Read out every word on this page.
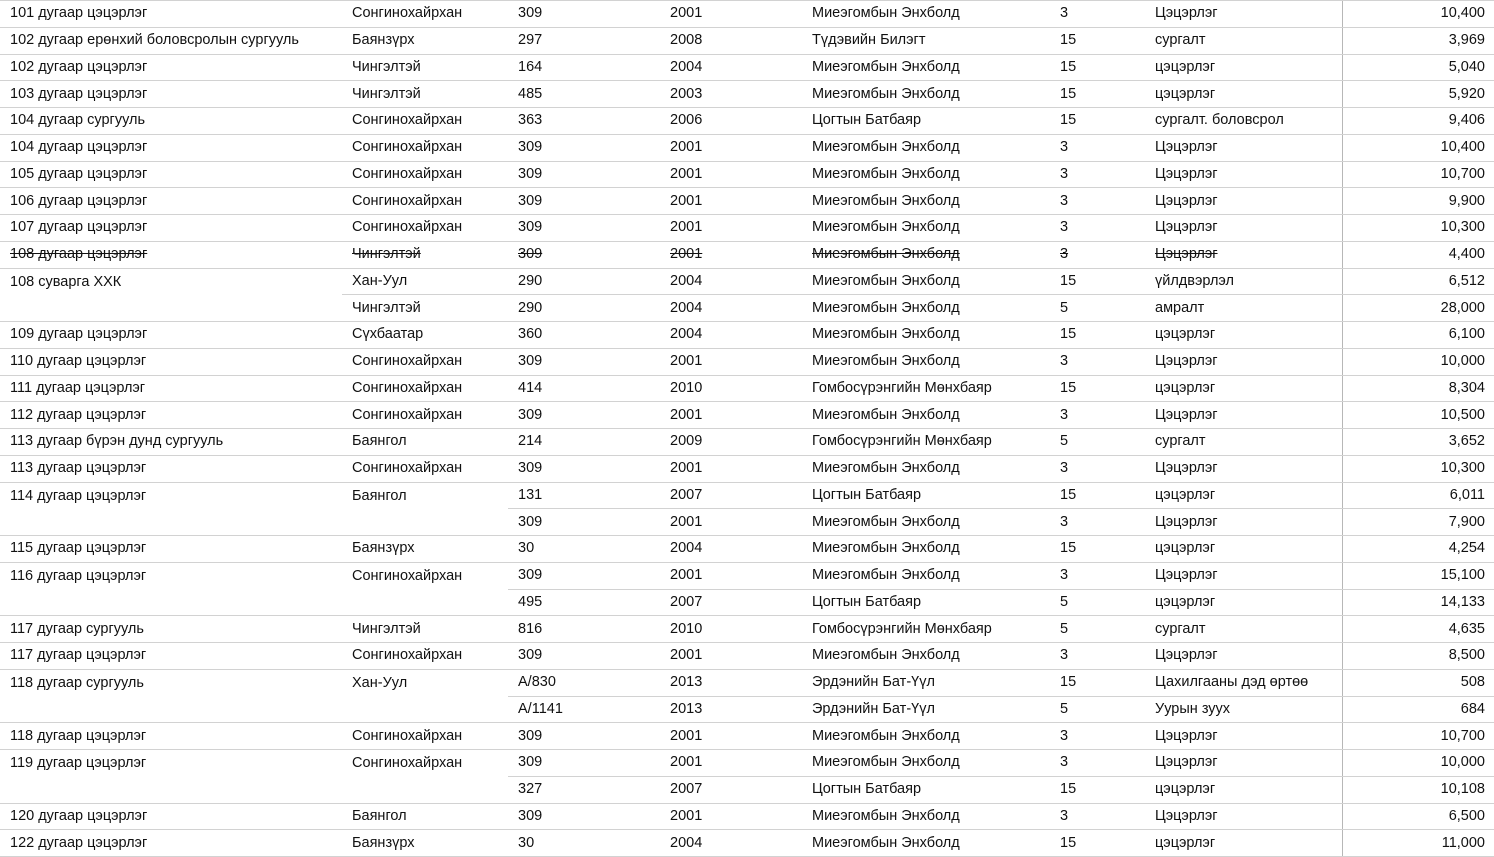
101 дугаар цэцэрлэг	Сонгинохайрхан	309	2001	Миеэгомбын Энхболд	3	Цэцэрлэг	10,400
102 дугаар ерөнхий боловсролын сургууль	Баянзүрх	297	2008	Түдэвийн Билэгт	15	сургалт	3,969
102 дугаар цэцэрлэг	Чингэлтэй	164	2004	Миеэгомбын Энхболд	15	цэцэрлэг	5,040
103 дугаар цэцэрлэг	Чингэлтэй	485	2003	Миеэгомбын Энхболд	15	цэцэрлэг	5,920
104 дугаар сургууль	Сонгинохайрхан	363	2006	Цогтын Батбаяр	15	сургалт. боловсрол	9,406
104 дугаар цэцэрлэг	Сонгинохайрхан	309	2001	Миеэгомбын Энхболд	3	Цэцэрлэг	10,400
105 дугаар цэцэрлэг	Сонгинохайрхан	309	2001	Миеэгомбын Энхболд	3	Цэцэрлэг	10,700
106 дугаар цэцэрлэг	Сонгинохайрхан	309	2001	Миеэгомбын Энхболд	3	Цэцэрлэг	9,900
107 дугаар цэцэрлэг	Сонгинохайрхан	309	2001	Миеэгомбын Энхболд	3	Цэцэрлэг	10,300
108 дугаар цэцэрлэг	Чингэлтэй	309	2001	Миеэгомбын Энхболд	3	Цэцэрлэг	4,400
108 суварга ХХК	Хан-Уул	290	2004	Миеэгомбын Энхболд	15	үйлдвэрлэл	6,512
	Чингэлтэй	290	2004	Миеэгомбын Энхболд	5	амралт	28,000
109 дугаар цэцэрлэг	Сүхбаатар	360	2004	Миеэгомбын Энхболд	15	цэцэрлэг	6,100
110 дугаар цэцэрлэг	Сонгинохайрхан	309	2001	Миеэгомбын Энхболд	3	Цэцэрлэг	10,000
111 дугаар цэцэрлэг	Сонгинохайрхан	414	2010	Гомбосүрэнгийн Мөнхбаяр	15	цэцэрлэг	8,304
112 дугаар цэцэрлэг	Сонгинохайрхан	309	2001	Миеэгомбын Энхболд	3	Цэцэрлэг	10,500
113 дугаар бүрэн дунд сургууль	Баянгол	214	2009	Гомбосүрэнгийн Мөнхбаяр	5	сургалт	3,652
113 дугаар цэцэрлэг	Сонгинохайрхан	309	2001	Миеэгомбын Энхболд	3	Цэцэрлэг	10,300
114 дугаар цэцэрлэг	Баянгол	131	2007	Цогтын Батбаяр	15	цэцэрлэг	6,011
		309	2001	Миеэгомбын Энхболд	3	Цэцэрлэг	7,900
115 дугаар цэцэрлэг	Баянзүрх	30	2004	Миеэгомбын Энхболд	15	цэцэрлэг	4,254
116 дугаар цэцэрлэг	Сонгинохайрхан	309	2001	Миеэгомбын Энхболд	3	Цэцэрлэг	15,100
		495	2007	Цогтын Батбаяр	5	цэцэрлэг	14,133
117 дугаар сургууль	Чингэлтэй	816	2010	Гомбосүрэнгийн Мөнхбаяр	5	сургалт	4,635
117 дугаар цэцэрлэг	Сонгинохайрхан	309	2001	Миеэгомбын Энхболд	3	Цэцэрлэг	8,500
118 дугаар сургууль	Хан-Уул	А/830	2013	Эрдэнийн Бат-Үүл	15	Цахилгааны дэд өртөө	508
		А/1141	2013	Эрдэнийн Бат-Үүл	5	Уурын зуух	684
118 дугаар цэцэрлэг	Сонгинохайрхан	309	2001	Миеэгомбын Энхболд	3	Цэцэрлэг	10,700
119 дугаар цэцэрлэг	Сонгинохайрхан	309	2001	Миеэгомбын Энхболд	3	Цэцэрлэг	10,000
		327	2007	Цогтын Батбаяр	15	цэцэрлэг	10,108
120 дугаар цэцэрлэг	Баянгол	309	2001	Миеэгомбын Энхболд	3	Цэцэрлэг	6,500
122 дугаар цэцэрлэг	Баянзүрх	30	2004	Миеэгомбын Энхболд	15	цэцэрлэг	11,000
